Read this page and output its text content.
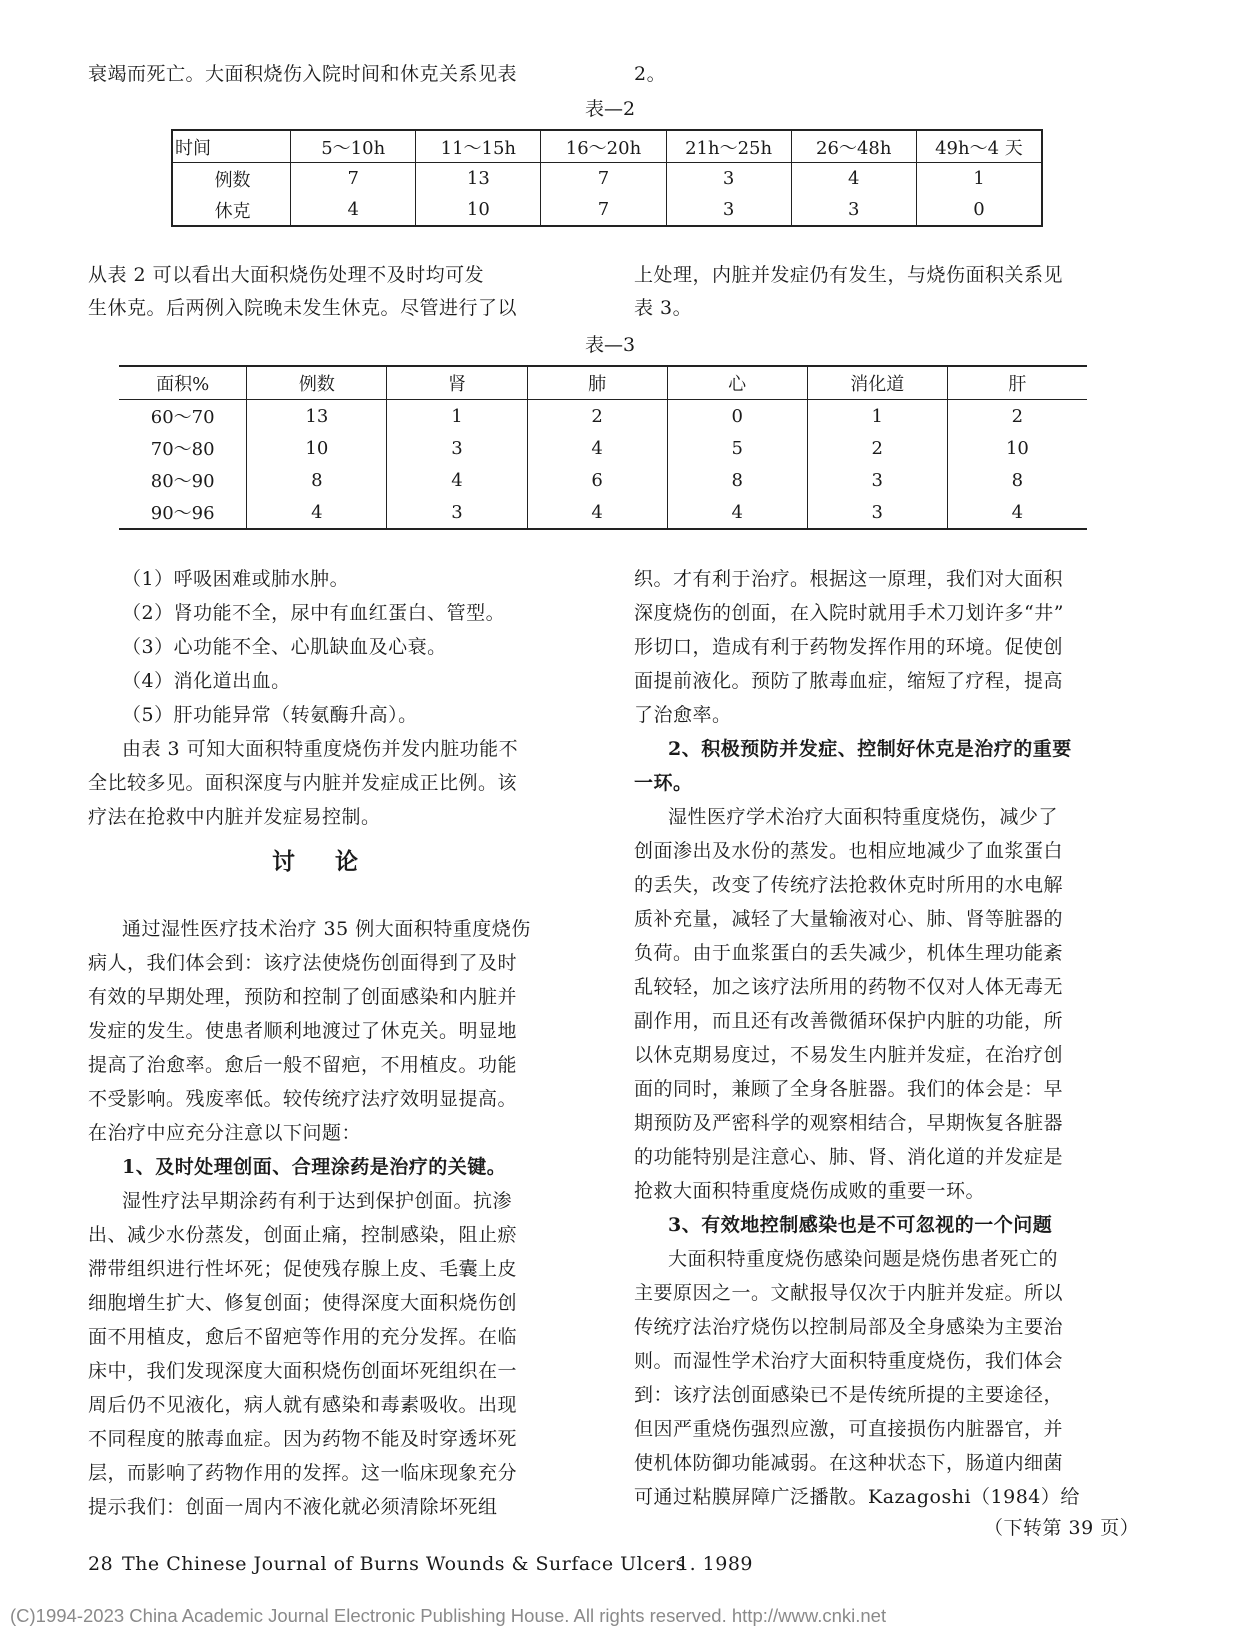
衰竭而死亡。大面积烧伤入院时间和休克关系见表	2。
表—2
时间	5～10h	11～15h	16～20h	21h～25h	26～48h	49h～4 天
例数	7	13	7	3	4	1
休克	4	10	7	3	3	0
从表 2 可以看出大面积烧伤处理不及时均可发
生休克。后两例入院晚未发生休克。尽管进行了以
上处理，内脏并发症仍有发生，与烧伤面积关系见
表 3。
表—3
面积%	例数	肾	肺	心	消化道	肝
60～70	13	1	2	0	1	2
70～80	10	3	4	5	2	10
80～90	8	4	6	8	3	8
90～96	4	3	4	4	3	4
（1）呼吸困难或肺水肿。
（2）肾功能不全，尿中有血红蛋白、管型。
（3）心功能不全、心肌缺血及心衰。
（4）消化道出血。
（5）肝功能异常（转氨酶升高）。
由表 3 可知大面积特重度烧伤并发内脏功能不
全比较多见。面积深度与内脏并发症成正比例。该
疗法在抢救中内脏并发症易控制。
讨论
通过湿性医疗技术治疗 35 例大面积特重度烧伤
病人，我们体会到：该疗法使烧伤创面得到了及时
有效的早期处理，预防和控制了创面感染和内脏并
发症的发生。使患者顺利地渡过了休克关。明显地
提高了治愈率。愈后一般不留疤，不用植皮。功能
不受影响。残废率低。较传统疗法疗效明显提高。
在治疗中应充分注意以下问题：
1、及时处理创面、合理涂药是治疗的关键。
湿性疗法早期涂药有利于达到保护创面。抗渗
出、减少水份蒸发，创面止痛，控制感染，阻止瘀
滞带组织进行性坏死；促使残存腺上皮、毛囊上皮
细胞增生扩大、修复创面；使得深度大面积烧伤创
面不用植皮，愈后不留疤等作用的充分发挥。在临
床中，我们发现深度大面积烧伤创面坏死组织在一
周后仍不见液化，病人就有感染和毒素吸收。出现
不同程度的脓毒血症。因为药物不能及时穿透坏死
层，而影响了药物作用的发挥。这一临床现象充分
提示我们：创面一周内不液化就必须清除坏死组
织。才有利于治疗。根据这一原理，我们对大面积
深度烧伤的创面，在入院时就用手术刀划许多“井”
形切口，造成有利于药物发挥作用的环境。促使创
面提前液化。预防了脓毒血症，缩短了疗程，提高
了治愈率。
2、积极预防并发症、控制好休克是治疗的重要
一环。
湿性医疗学术治疗大面积特重度烧伤，减少了
创面渗出及水份的蒸发。也相应地减少了血浆蛋白
的丢失，改变了传统疗法抢救休克时所用的水电解
质补充量，减轻了大量输液对心、肺、肾等脏器的
负荷。由于血浆蛋白的丢失减少，机体生理功能紊
乱较轻，加之该疗法所用的药物不仅对人体无毒无
副作用，而且还有改善微循环保护内脏的功能，所
以休克期易度过，不易发生内脏并发症，在治疗创
面的同时，兼顾了全身各脏器。我们的体会是：早
期预防及严密科学的观察相结合，早期恢复各脏器
的功能特别是注意心、肺、肾、消化道的并发症是
抢救大面积特重度烧伤成败的重要一环。
3、有效地控制感染也是不可忽视的一个问题
大面积特重度烧伤感染问题是烧伤患者死亡的
主要原因之一。文献报导仅次于内脏并发症。所以
传统疗法治疗烧伤以控制局部及全身感染为主要治
则。而湿性学术治疗大面积特重度烧伤，我们体会
到：该疗法创面感染已不是传统所提的主要途径，
但因严重烧伤强烈应激，可直接损伤内脏器官，并
使机体防御功能减弱。在这种状态下，肠道内细菌
可通过粘膜屏障广泛播散。Kazagoshi（1984）给
（下转第 39 页）
28 The Chinese Journal of Burns Wounds & Surface Ulcers
1. 1989
(C)1994-2023 China Academic Journal Electronic Publishing House. All rights reserved. http://www.cnki.net
